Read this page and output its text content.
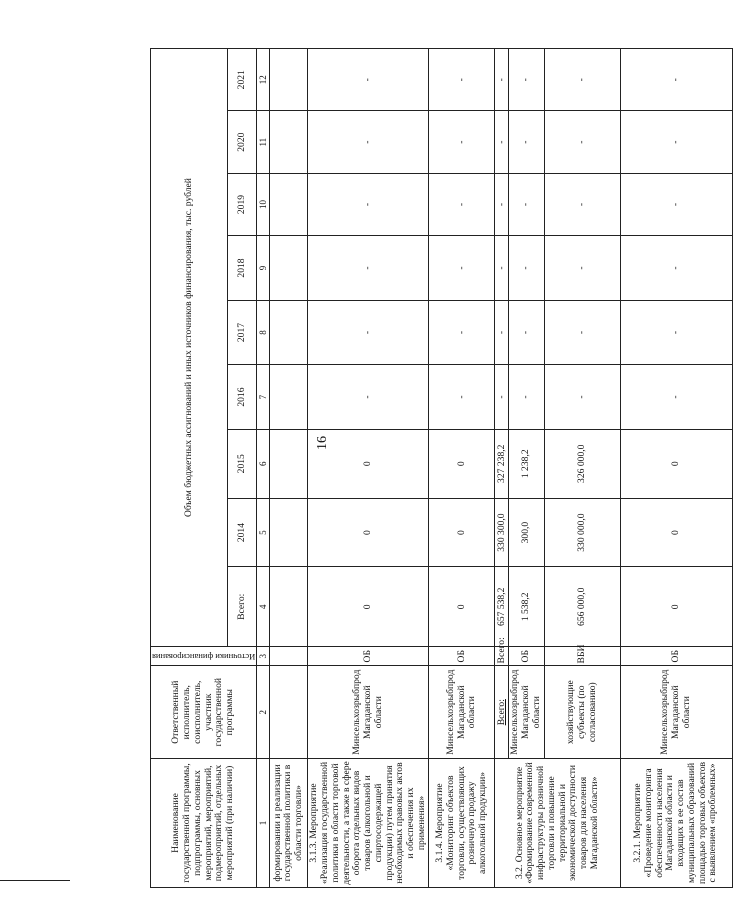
16
Наименование государственной программы, подпрограммы, основных мероприятий, мероприятий, подмероприятий, отдельных мероприятий (при наличии)	Ответственный исполнитель, соисполнитель, участник государственной программы	Источники финансирования	Объем бюджетных ассигнований и иных источников финансирования, тыс. рублей								
			Всего:	2014	2015	2016	2017	2018	2019	2020	2021
1	2	3	4	5	6	7	8	9	10	11	12
формировании и реализации государственной политики в области торговли»											
3.1.3. Мероприятие «Реализация государственной политики в области торговой деятельности, а также в сфере оборота отдельных видов товаров (алкогольной и спиртосодержащей продукции) путем принятия необходимых правовых актов и обеспечения их применения»	Минсельхозрыбпрод Магаданской области	ОБ	0	0	0	-	-	-	-	-	-
3.1.4. Мероприятие «Мониторинг объектов торговли, осуществляющих розничную продажу алкогольной продукции»	Минсельхозрыбпрод Магаданской области	ОБ	0	0	0	-	-	-	-	-	-
3.2. Основное мероприятие «Формирование современной инфраструктуры розничной торговли и повышение территориальной и экономической доступности товаров для населения Магаданской области»	Всего:	Всего:	657 538,2	330 300,0	327 238,2	-	-	-	-	-	-
	Минсельхозрыбпрод Магаданской области	ОБ	1 538,2	300,0	1 238,2	-	-	-	-	-	-
	хозяйствующие субъекты (по согласованию)	ВБИ	656 000,0	330 000,0	326 000,0	-	-	-	-	-	-
3.2.1. Мероприятие «Проведение мониторинга обеспеченности населения Магаданской области и входящих в ее состав муниципальных образований площадью торговых объектов с выявлением «проблемных»	Минсельхозрыбпрод Магаданской области	ОБ	0	0	0	-	-	-	-	-	-
